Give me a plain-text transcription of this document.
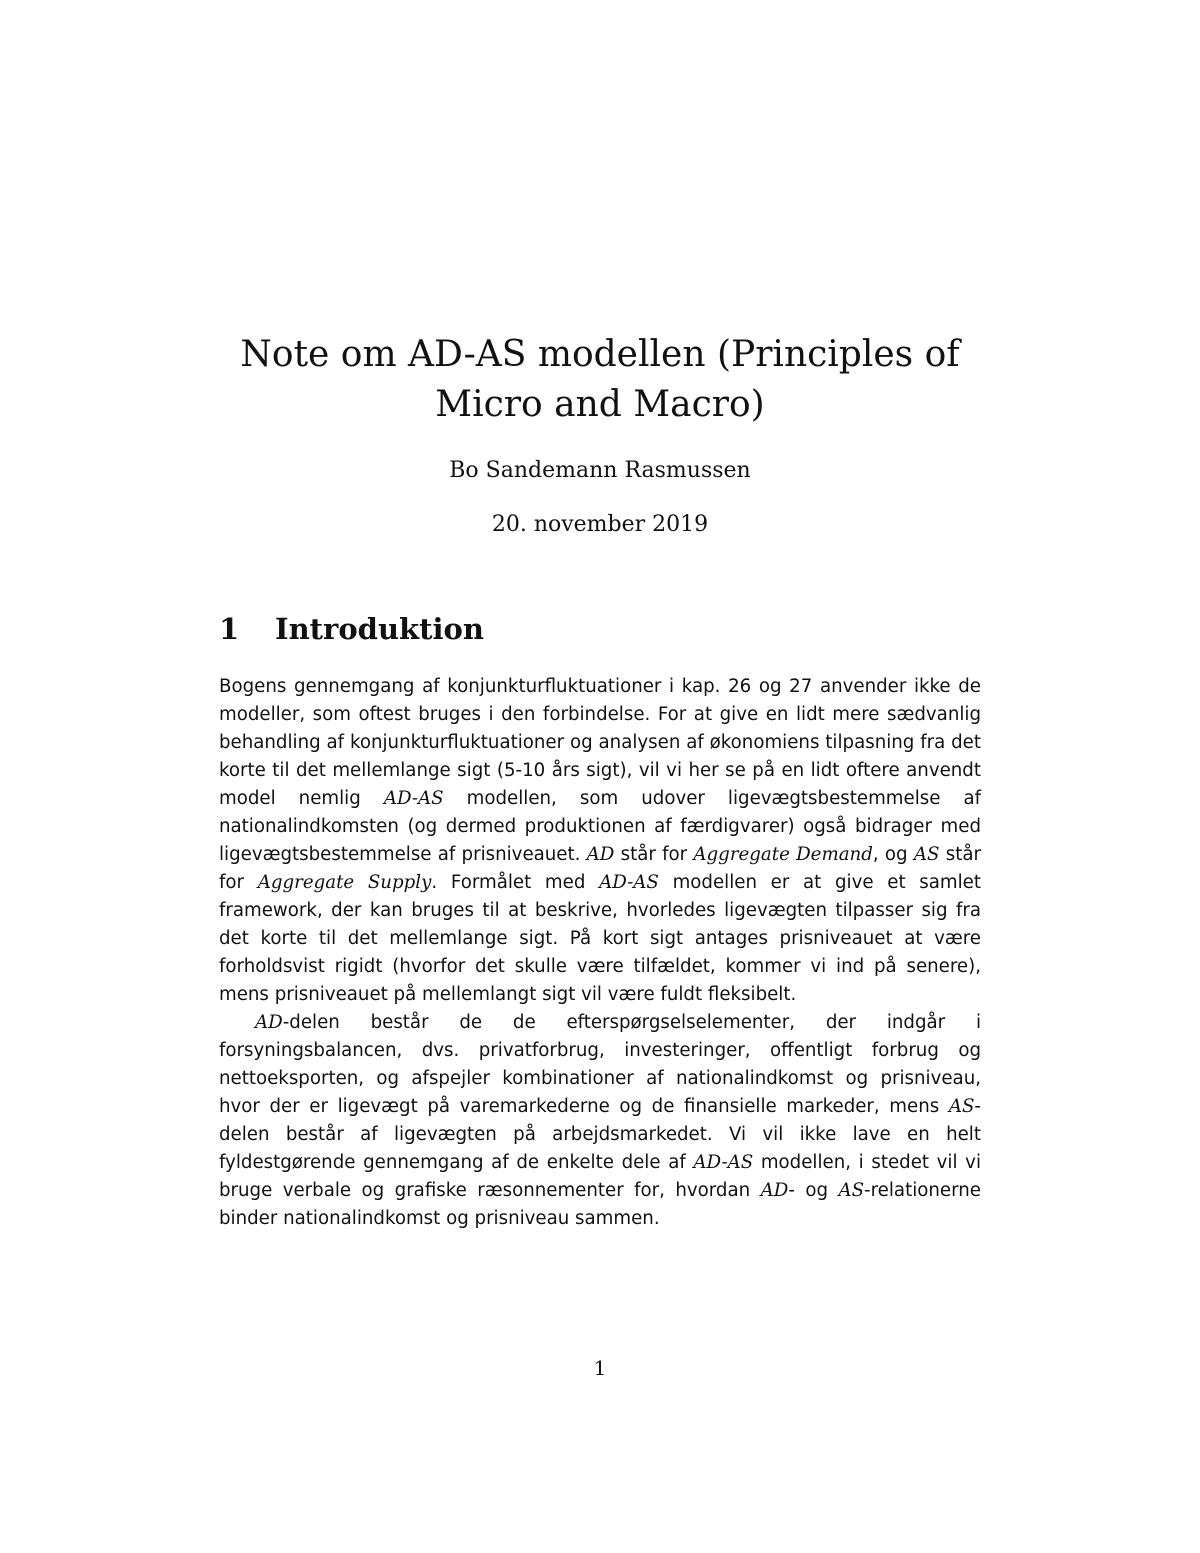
Note om AD-AS modellen (Principles of Micro and Macro)
Bo Sandemann Rasmussen
20. november 2019
1 Introduktion

Bogens gennemgang af konjunkturfluktuationer i kap. 26 og 27 anvender ikke de modeller, som oftest bruges i den forbindelse. For at give en lidt mere sædvanlig behandling af konjunkturfluktuationer og analysen af økonomiens tilpasning fra det korte til det mellemlange sigt (5-10 års sigt), vil vi her se på en lidt oftere anvendt model nemlig AD-AS modellen, som udover ligevægtsbestemmelse af nationalindkomsten (og dermed produktionen af færdigvarer) også bidrager med ligevægtsbestemmelse af prisniveauet. AD står for Aggregate Demand, og AS står for Aggregate Supply. Formålet med AD-AS modellen er at give et samlet framework, der kan bruges til at beskrive, hvorledes ligevægten tilpasser sig fra det korte til det mellemlange sigt. På kort sigt antages prisniveauet at være forholdsvist rigidt (hvorfor det skulle være tilfældet, kommer vi ind på senere), mens prisniveauet på mellemlangt sigt vil være fuldt fleksibelt.

AD-delen består de de efterspørgselselementer, der indgår i forsyningsbalancen, dvs. privatforbrug, investeringer, offentligt forbrug og nettoeksporten, og afspejler kombinationer af nationalindkomst og prisniveau, hvor der er ligevægt på varemarkederne og de finansielle markeder, mens AS-delen består af ligevægten på arbejdsmarkedet. Vi vil ikke lave en helt fyldestgørende gennemgang af de enkelte dele af AD-AS modellen, i stedet vil vi bruge verbale og grafiske ræsonnementer for, hvordan AD- og AS-relationerne binder nationalindkomst og prisniveau sammen.

1
